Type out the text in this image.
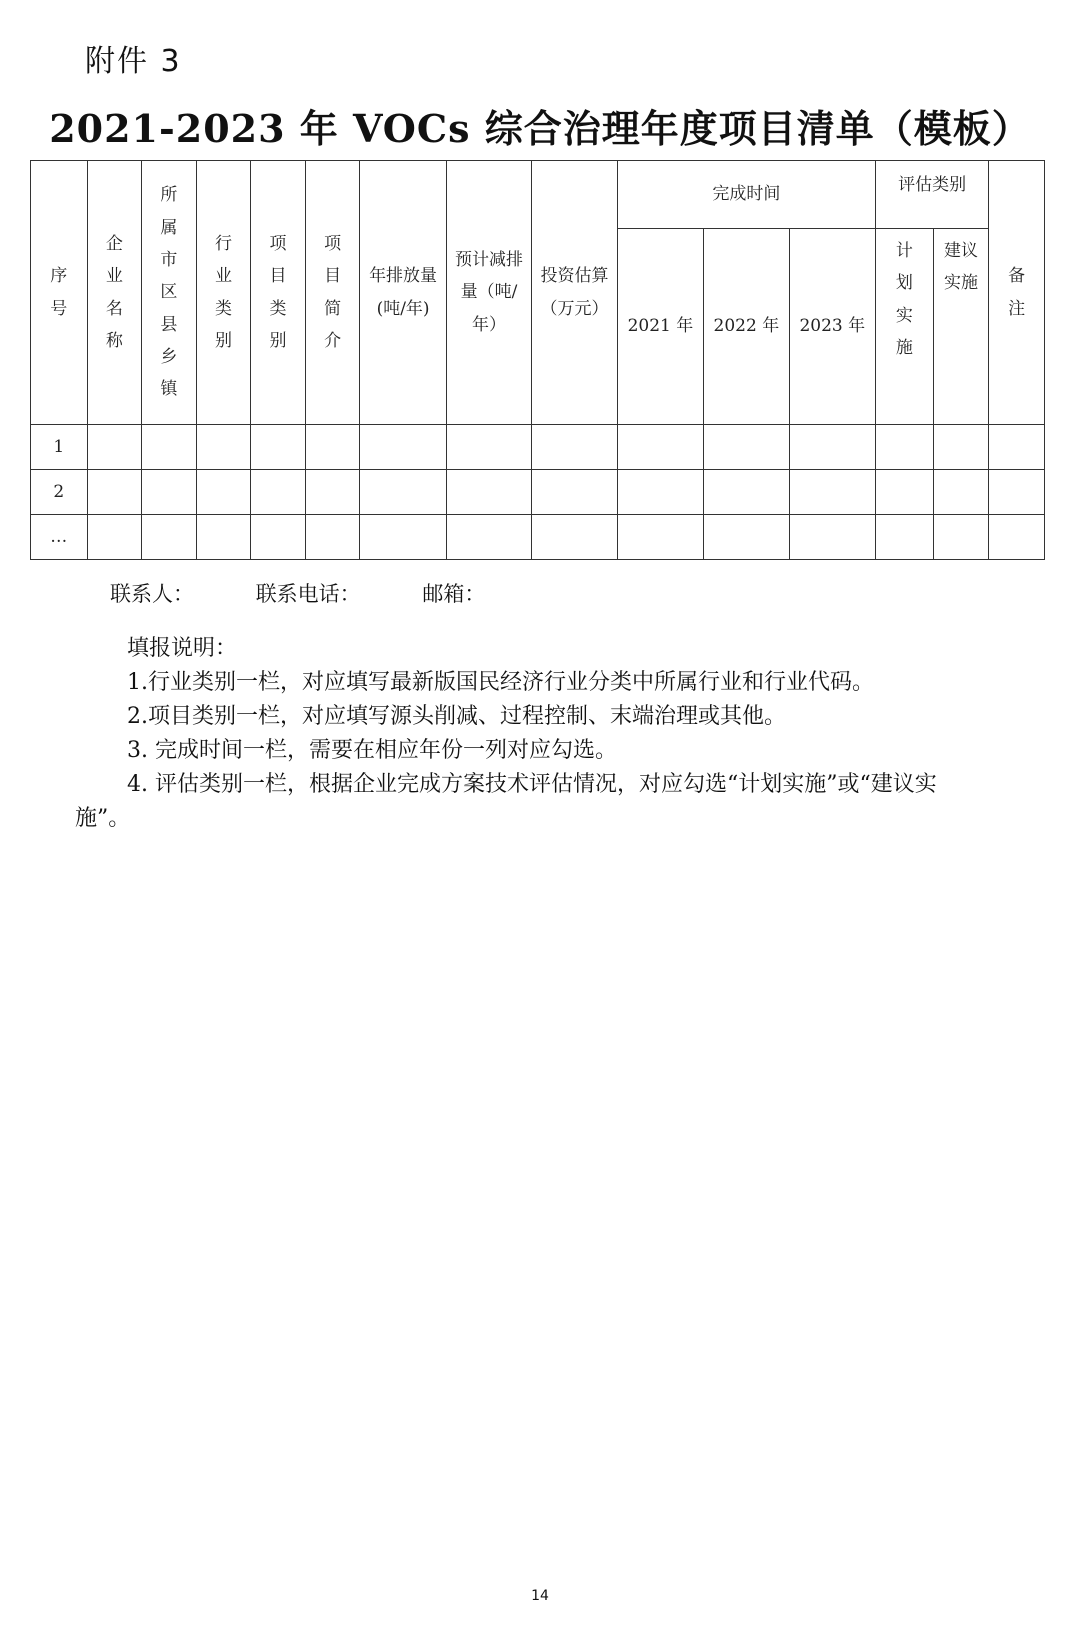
附件 3
2021-2023 年 VOCs 综合治理年度项目清单（模板）
序号	企业名称	所属市区县乡镇	行业类别	项目类别	项目简介	年排放量(吨/年)	预计减排量（吨/年）	投资估算（万元）	完成时间			评估类别		备注
									2021 年	2022 年	2023 年	计划实施	建议实施	
1														
2														
…														
联系人：	联系电话：	邮箱：

填报说明：

1.行业类别一栏，对应填写最新版国民经济行业分类中所属行业和行业代码。

2.项目类别一栏，对应填写源头削减、过程控制、末端治理或其他。

3. 完成时间一栏，需要在相应年份一列对应勾选。

4. 评估类别一栏，根据企业完成方案技术评估情况，对应勾选“计划实施”或“建议实施”。

14
